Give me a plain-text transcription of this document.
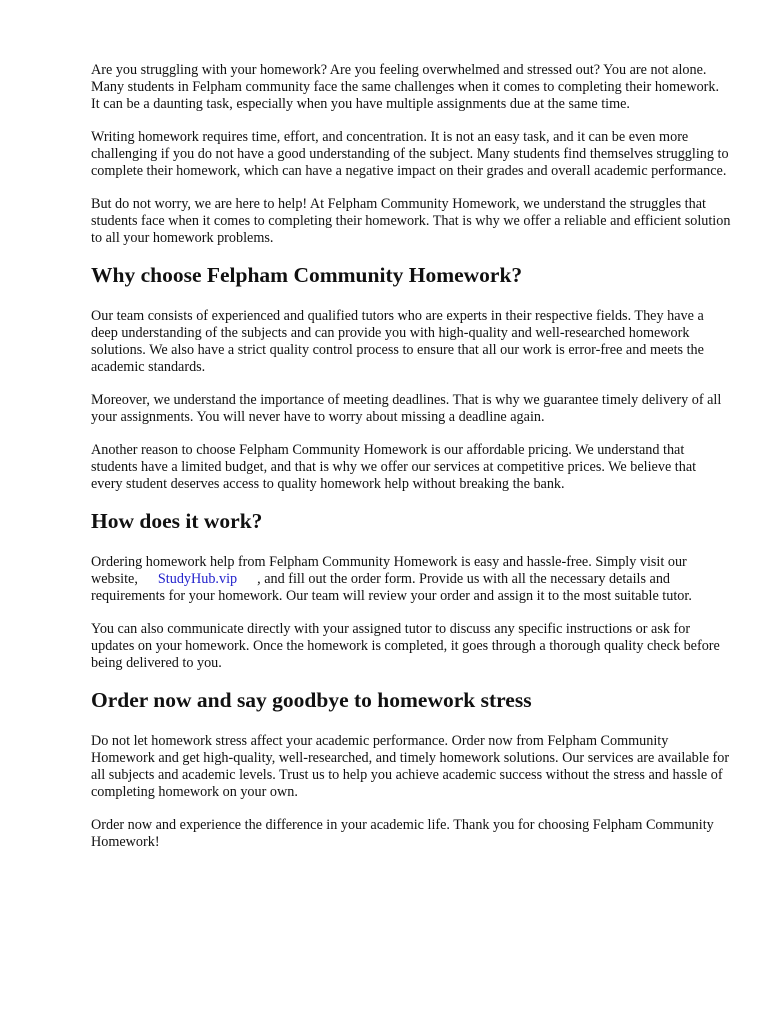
Are you struggling with your homework? Are you feeling overwhelmed and stressed out? You are not alone. Many students in Felpham community face the same challenges when it comes to completing their homework. It can be a daunting task, especially when you have multiple assignments due at the same time.

Writing homework requires time, effort, and concentration. It is not an easy task, and it can be even more challenging if you do not have a good understanding of the subject. Many students find themselves struggling to complete their homework, which can have a negative impact on their grades and overall academic performance.

But do not worry, we are here to help! At Felpham Community Homework, we understand the struggles that students face when it comes to completing their homework. That is why we offer a reliable and efficient solution to all your homework problems.

Why choose Felpham Community Homework?

Our team consists of experienced and qualified tutors who are experts in their respective fields. They have a deep understanding of the subjects and can provide you with high-quality and well-researched homework solutions. We also have a strict quality control process to ensure that all our work is error-free and meets the academic standards.

Moreover, we understand the importance of meeting deadlines. That is why we guarantee timely delivery of all your assignments. You will never have to worry about missing a deadline again.

Another reason to choose Felpham Community Homework is our affordable pricing. We understand that students have a limited budget, and that is why we offer our services at competitive prices. We believe that every student deserves access to quality homework help without breaking the bank.

How does it work?

Ordering homework help from Felpham Community Homework is easy and hassle-free. Simply visit our website, StudyHub.vip , and fill out the order form. Provide us with all the necessary details and requirements for your homework. Our team will review your order and assign it to the most suitable tutor.

You can also communicate directly with your assigned tutor to discuss any specific instructions or ask for updates on your homework. Once the homework is completed, it goes through a thorough quality check before being delivered to you.

Order now and say goodbye to homework stress

Do not let homework stress affect your academic performance. Order now from Felpham Community Homework and get high-quality, well-researched, and timely homework solutions. Our services are available for all subjects and academic levels. Trust us to help you achieve academic success without the stress and hassle of completing homework on your own.

Order now and experience the difference in your academic life. Thank you for choosing Felpham Community Homework!
